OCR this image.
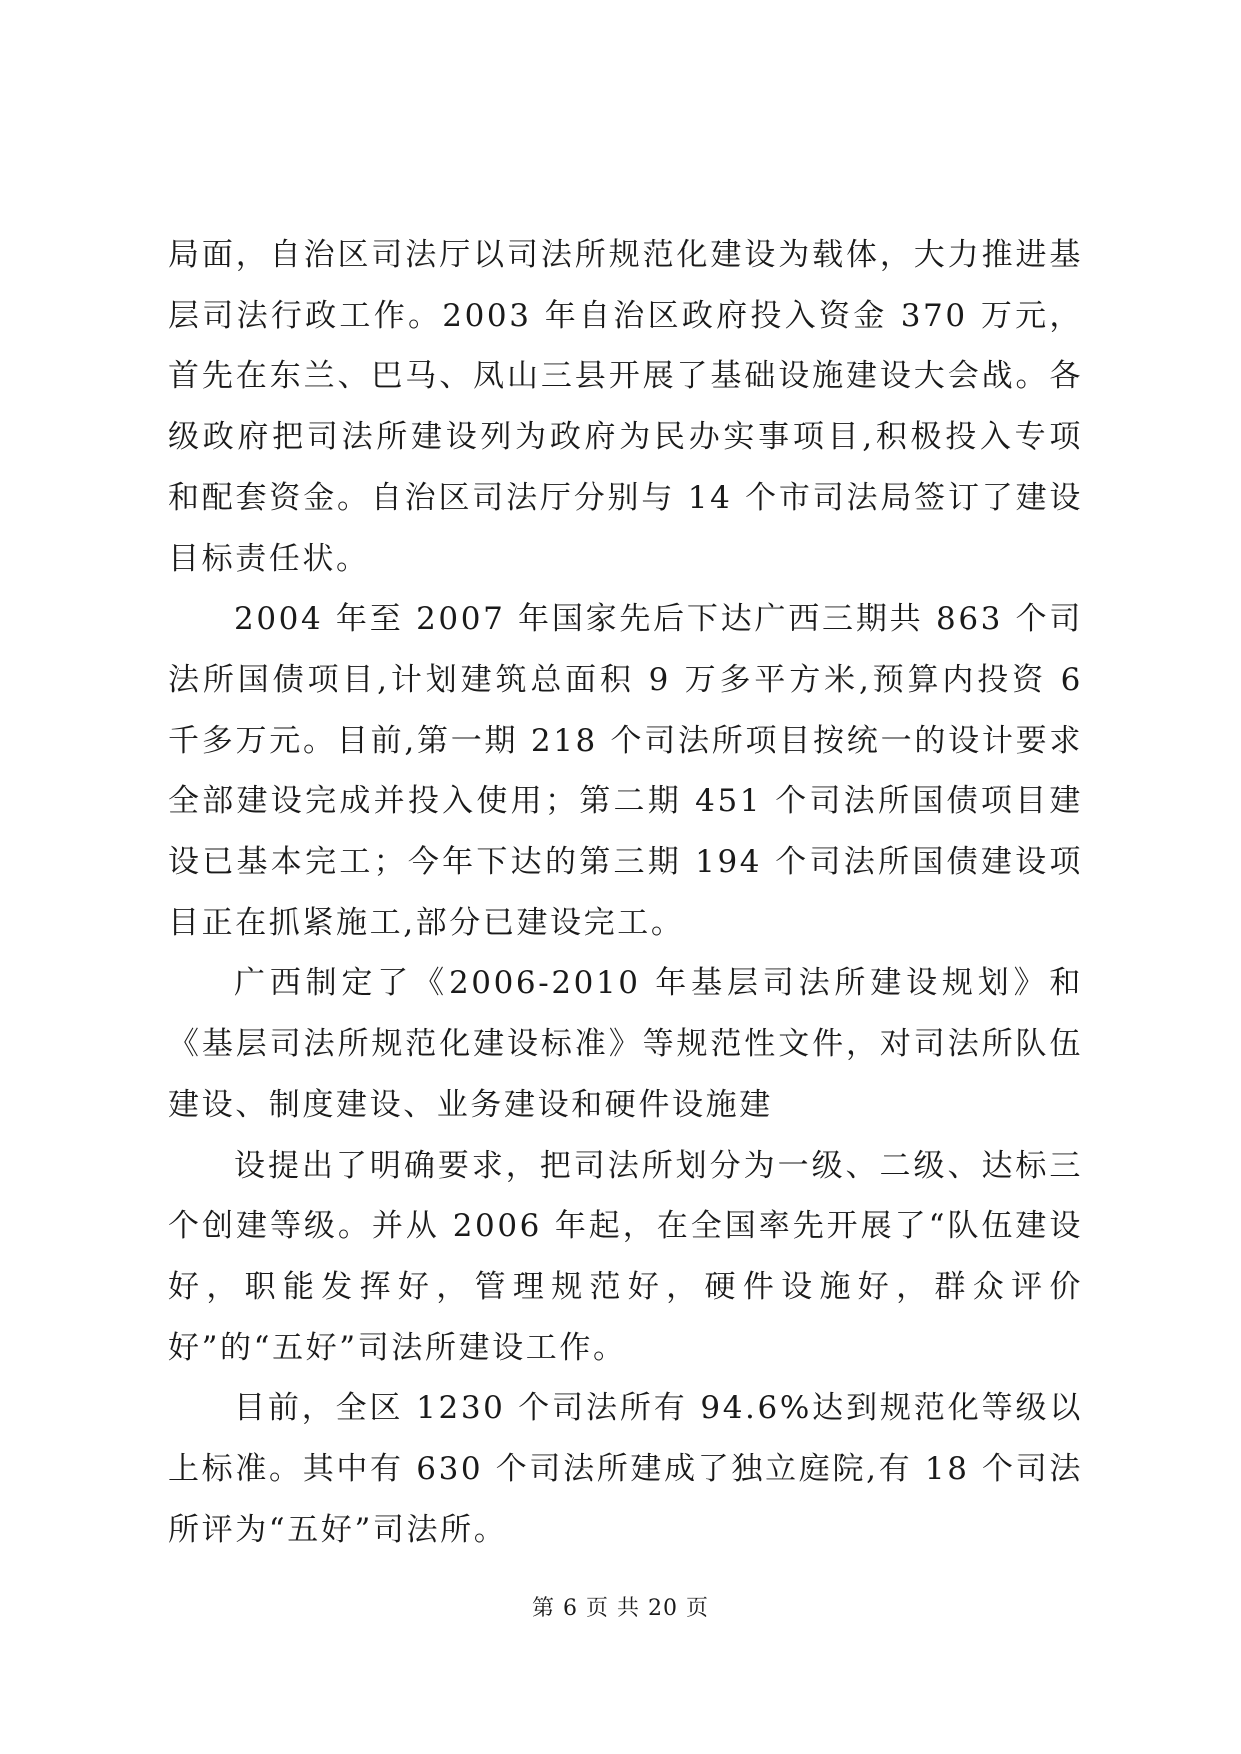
局面，自治区司法厅以司法所规范化建设为载体，大力推进基层司法行政工作。2003 年自治区政府投入资金 370 万元，首先在东兰、巴马、凤山三县开展了基础设施建设大会战。各级政府把司法所建设列为政府为民办实事项目,积极投入专项和配套资金。自治区司法厅分别与 14 个市司法局签订了建设目标责任状。

2004 年至 2007 年国家先后下达广西三期共 863 个司法所国债项目,计划建筑总面积 9 万多平方米,预算内投资 6 千多万元。目前,第一期 218 个司法所项目按统一的设计要求全部建设完成并投入使用；第二期 451 个司法所国债项目建设已基本完工；今年下达的第三期 194 个司法所国债建设项目正在抓紧施工,部分已建设完工。

广西制定了《2006-2010 年基层司法所建设规划》和《基层司法所规范化建设标准》等规范性文件，对司法所队伍建设、制度建设、业务建设和硬件设施建

设提出了明确要求，把司法所划分为一级、二级、达标三个创建等级。并从 2006 年起，在全国率先开展了“队伍建设好，职能发挥好，管理规范好，硬件设施好，群众评价好”的“五好”司法所建设工作。

目前，全区 1230 个司法所有 94.6%达到规范化等级以上标准。其中有 630 个司法所建成了独立庭院,有 18 个司法所评为“五好”司法所。

第 6 页 共 20 页
